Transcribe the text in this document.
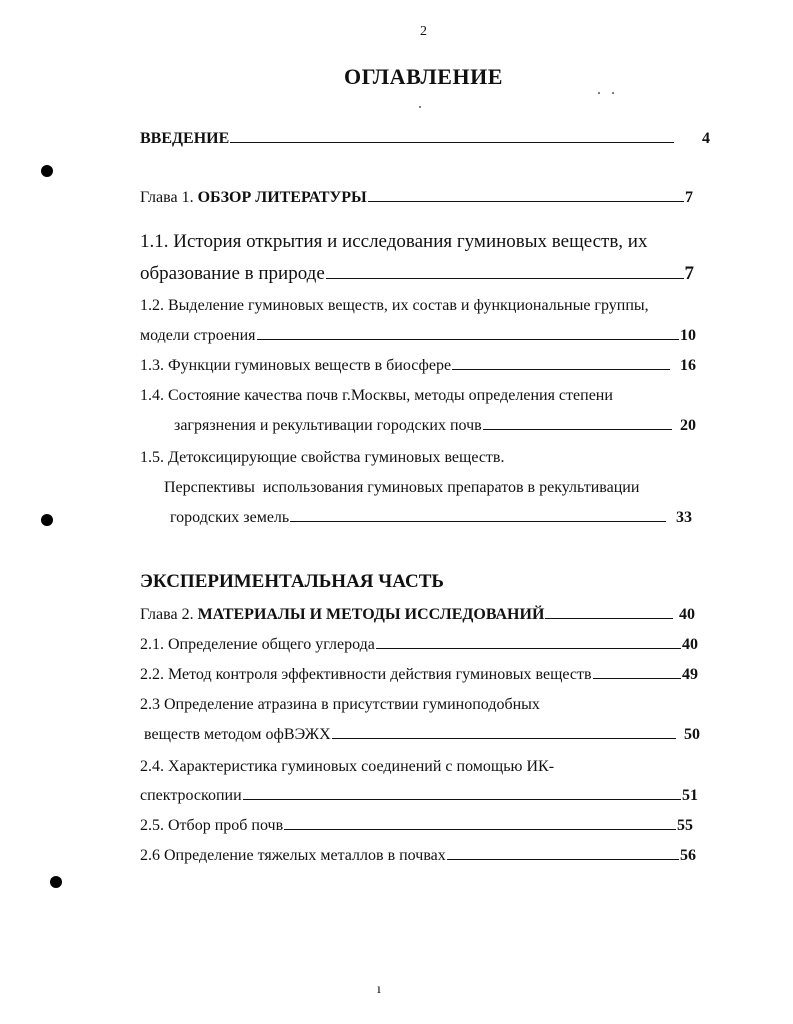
2
ОГЛАВЛЕНИЕ
ВВЕДЕНИЕ	4
Глава 1. ОБЗОР ЛИТЕРАТУРЫ	7
1.1. История открытия и исследования гуминовых веществ, их
образование в природе	7
1.2. Выделение гуминовых веществ, их состав и функциональные группы,
модели строения	10
1.3. Функции гуминовых веществ в биосфере	16
1.4. Состояние качества почв г.Москвы, методы определения степени
загрязнения и рекультивации городских почв	20
1.5. Детоксицирующие свойства гуминовых веществ.
Перспективы  использования гуминовых препаратов в рекультивации
городских земель	33
ЭКСПЕРИМЕНТАЛЬНАЯ ЧАСТЬ
Глава 2. МАТЕРИАЛЫ И МЕТОДЫ ИССЛЕДОВАНИЙ	40
2.1. Определение общего углерода	40
2.2. Метод контроля эффективности действия гуминовых веществ	49
2.3 Определение атразина в присутствии гуминоподобных
веществ методом офВЭЖХ	50
2.4. Характеристика гуминовых соединений с помощью ИК-
спектроскопии	51
2.5. Отбор проб почв	55
2.6 Определение тяжелых металлов в почвах	56
ı
